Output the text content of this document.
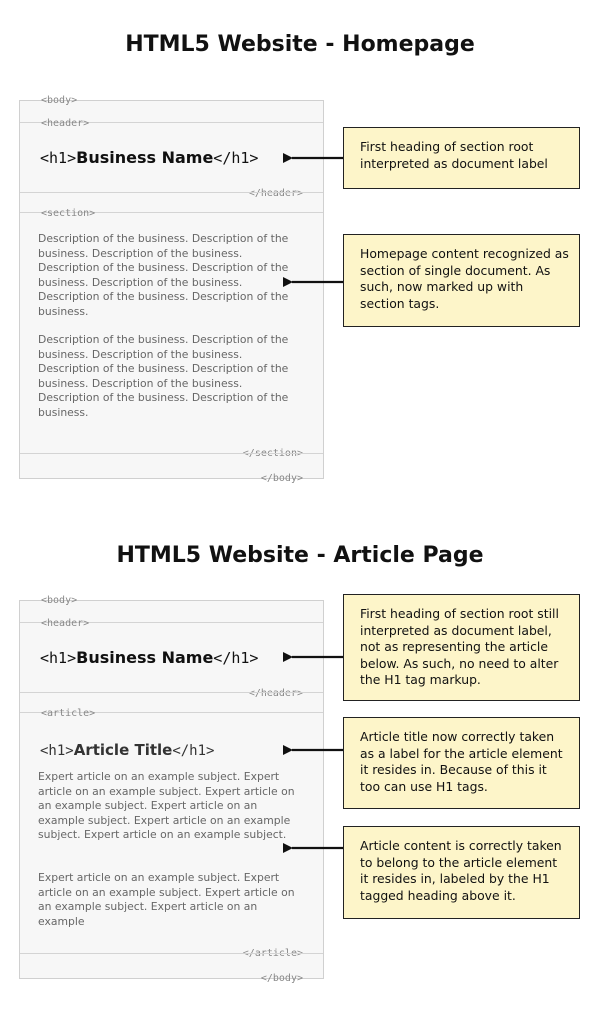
HTML5 Website - Homepage
<body>
<header>
<h1>Business Name</h1>
</header>
<section>
Description of the business. Description of the business. Description of the business. Description of the business. Description of the business. Description of the business. Description of the business. Description of the business.
Description of the business. Description of the business. Description of the business. Description of the business. Description of the business. Description of the business. Description of the business. Description of the business.
</section>
</body>
First heading of section root interpreted as document label
Homepage content recognized as section of single document. As such, now marked up with section tags.
HTML5 Website - Article Page
<body>
<header>
<h1>Business Name</h1>
</header>
<article>
<h1>Article Title</h1>
Expert article on an example subject. Expert article on an example subject. Expert article on an example subject. Expert article on an example subject. Expert article on an example subject. Expert article on an example subject.
Expert article on an example subject. Expert article on an example subject. Expert article on an example subject. Expert article on an example
</article>
</body>
First heading of section root still interpreted as document label, not as representing the article below. As such, no need to alter the H1 tag markup.
Article title now correctly taken as a label for the article element it resides in. Because of this it too can use H1 tags.
Article content is correctly taken to belong to the article element it resides in, labeled by the H1 tagged heading above it.
